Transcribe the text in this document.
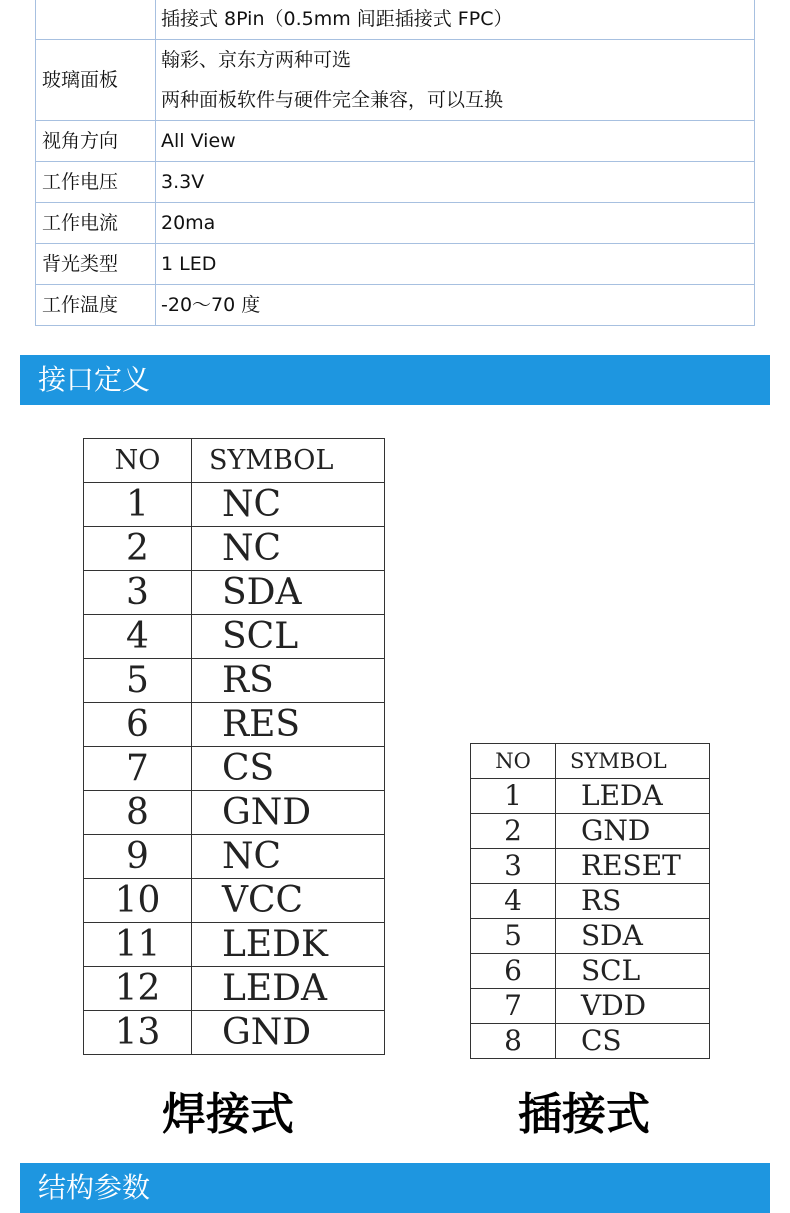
	插接式 8Pin（0.5mm 间距插接式 FPC）

玻璃面板	翰彩、京东方两种可选
两种面板软件与硬件完全兼容，可以互换

视角方向	All View

工作电压	3.3V

工作电流	20ma

背光类型	1 LED

工作温度	-20～70 度
接口定义
NO	SYMBOL
1	NC
2	NC
3	SDA
4	SCL
5	RS
6	RES
7	CS
8	GND
9	NC
10	VCC
11	LEDK
12	LEDA
13	GND
NO	SYMBOL
1	LEDA
2	GND
3	RESET
4	RS
5	SDA
6	SCL
7	VDD
8	CS
焊接式	插接式
结构参数
